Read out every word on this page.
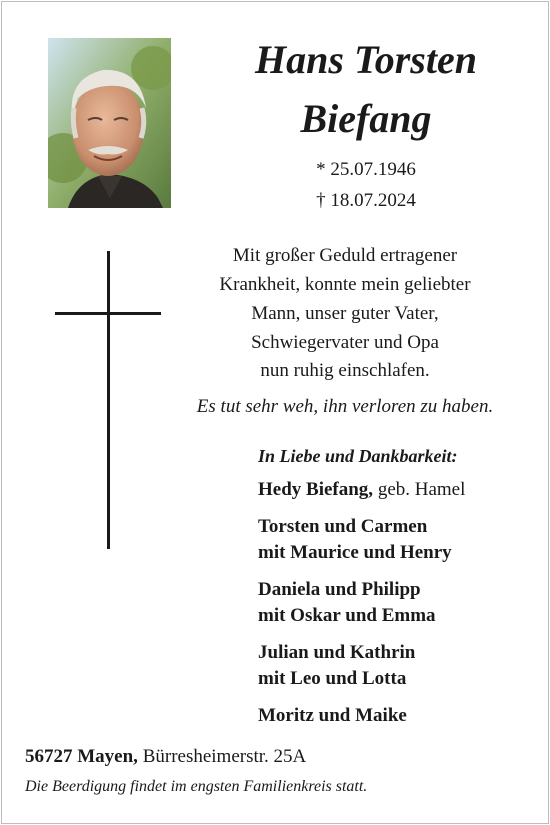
Hans Torsten
Biefang
* 25.07.1946
† 18.07.2024
Mit großer Geduld ertragener
Krankheit, konnte mein geliebter
Mann, unser guter Vater,
Schwiegervater und Opa
nun ruhig einschlafen.
Es tut sehr weh, ihn verloren zu haben.
In Liebe und Dankbarkeit:
Hedy Biefang, geb. Hamel
Torsten und Carmen
mit Maurice und Henry
Daniela und Philipp
mit Oskar und Emma
Julian und Kathrin
mit Leo und Lotta
Moritz und Maike
56727 Mayen, Bürresheimerstr. 25A
Die Beerdigung findet im engsten Familienkreis statt.
